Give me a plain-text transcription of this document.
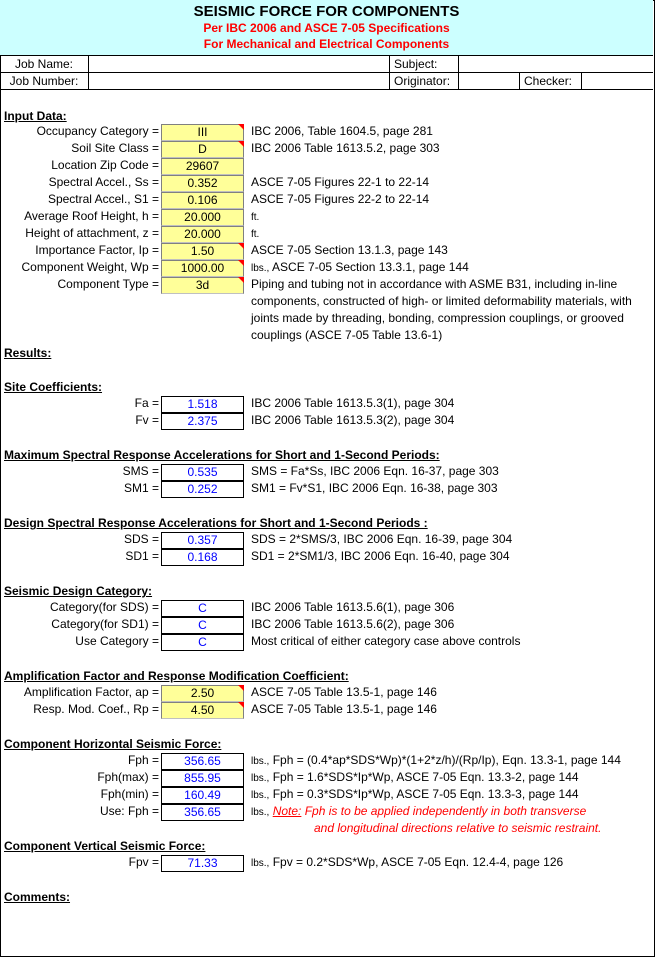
SEISMIC FORCE FOR COMPONENTS
Per IBC 2006 and ASCE 7-05 Specifications
For Mechanical and Electrical Components
Job Name:	Subject:
Job Number:	Originator:	Checker:
Input Data:
Occupancy Category =	III	IBC 2006, Table 1604.5, page 281
Soil Site Class =	D	IBC 2006 Table 1613.5.2, page 303
Location Zip Code =	29607
Spectral Accel., Ss =	0.352	ASCE 7-05 Figures 22-1 to 22-14
Spectral Accel., S1 =	0.106	ASCE 7-05 Figures 22-2 to 22-14
Average Roof Height, h =	20.000	ft.
Height of attachment, z =	20.000	ft.
Importance Factor, Ip =	1.50	ASCE 7-05 Section 13.1.3, page 143
Component Weight, Wp =	1000.00	lbs., ASCE 7-05 Section 13.3.1, page 144
Component Type =	3d	Piping and tubing not in accordance with ASME B31, including in-line components, constructed of high- or limited deformability materials, with joints made by threading, bonding, compression couplings, or grooved couplings (ASCE 7-05 Table 13.6-1)
Results:
Site Coefficients:
Fa =	1.518	IBC 2006 Table 1613.5.3(1), page 304
Fv =	2.375	IBC 2006 Table 1613.5.3(2), page 304
Maximum Spectral Response Accelerations for Short and 1-Second Periods:
SMS =	0.535	SMS = Fa*Ss, IBC 2006 Eqn. 16-37, page 303
SM1 =	0.252	SM1 = Fv*S1, IBC 2006 Eqn. 16-38, page 303
Design Spectral Response Accelerations for Short and 1-Second Periods :
SDS =	0.357	SDS = 2*SMS/3, IBC 2006 Eqn. 16-39, page 304
SD1 =	0.168	SD1 = 2*SM1/3, IBC 2006 Eqn. 16-40, page 304
Seismic Design Category:
Category(for SDS) =	C	IBC 2006 Table 1613.5.6(1), page 306
Category(for SD1) =	C	IBC 2006 Table 1613.5.6(2), page 306
Use Category =	C	Most critical of either category case above controls
Amplification Factor and Response Modification Coefficient:
Amplification Factor, ap =	2.50	ASCE 7-05 Table 13.5-1, page 146
Resp. Mod. Coef., Rp =	4.50	ASCE 7-05 Table 13.5-1, page 146
Component Horizontal Seismic Force:
Fph =	356.65	lbs., Fph = (0.4*ap*SDS*Wp)*(1+2*z/h)/(Rp/Ip), Eqn. 13.3-1, page 144
Fph(max) =	855.95	lbs., Fph = 1.6*SDS*Ip*Wp, ASCE 7-05 Eqn. 13.3-2, page 144
Fph(min) =	160.49	lbs., Fph = 0.3*SDS*Ip*Wp, ASCE 7-05 Eqn. 13.3-3, page 144
Use: Fph =	356.65	lbs., Note: Fph is to be applied independently in both transverse
and longitudinal directions relative to seismic restraint.
Component Vertical Seismic Force:
Fpv =	71.33	lbs., Fpv = 0.2*SDS*Wp, ASCE 7-05 Eqn. 12.4-4, page 126
Comments:
